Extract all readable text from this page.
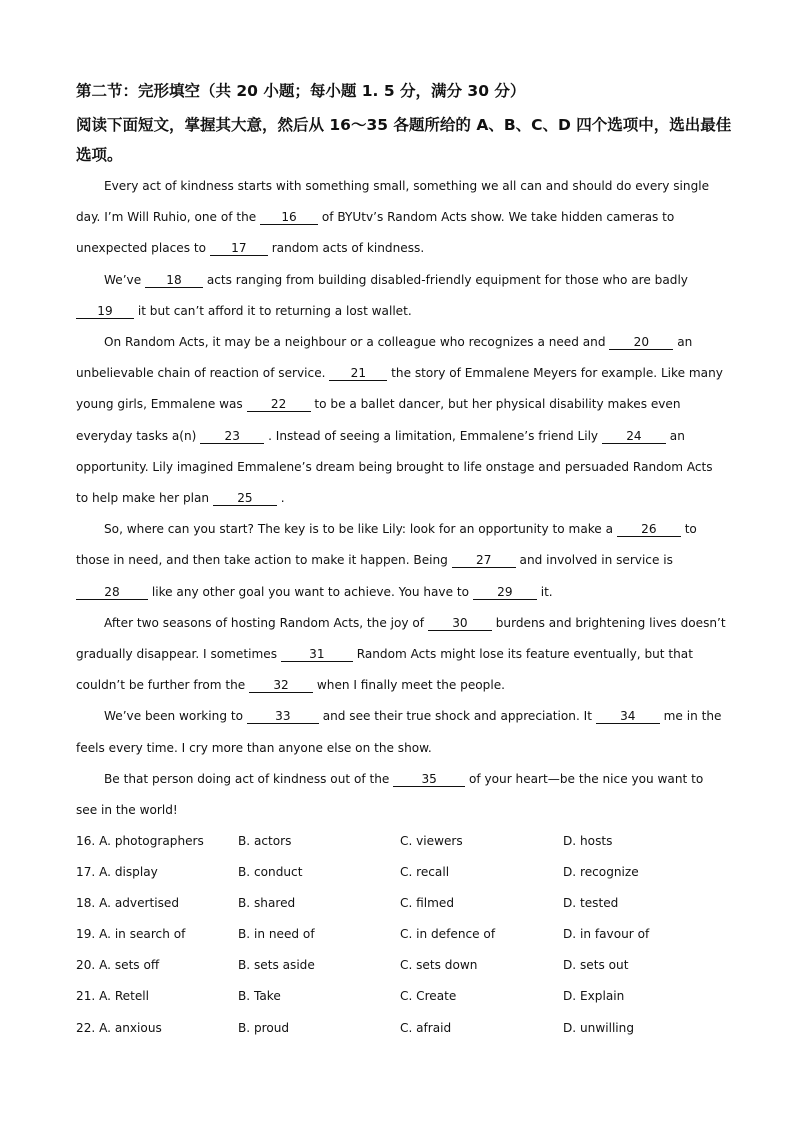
第二节：完形填空（共 20 小题；每小题 1. 5 分，满分 30 分）
阅读下面短文，掌握其大意，然后从 16～35 各题所给的 A、B、C、D 四个选项中，选出最佳选项。

Every act of kindness starts with something small, something we all can and should do every single day. I’m Will Ruhio, one of the 16 of BYUtv’s Random Acts show. We take hidden cameras to unexpected places to 17 random acts of kindness.

We’ve 18 acts ranging from building disabled-friendly equipment for those who are badly 19 it but can’t afford it to returning a lost wallet.

On Random Acts, it may be a neighbour or a colleague who recognizes a need and 20 an unbelievable chain of reaction of service. 21 the story of Emmalene Meyers for example. Like many young girls, Emmalene was 22 to be a ballet dancer, but her physical disability makes even everyday tasks a(n) 23 . Instead of seeing a limitation, Emmalene’s friend Lily 24 an opportunity. Lily imagined Emmalene’s dream being brought to life onstage and persuaded Random Acts to help make her plan 25 .

So, where can you start? The key is to be like Lily: look for an opportunity to make a 26 to those in need, and then take action to make it happen. Being 27 and involved in service is 28 like any other goal you want to achieve. You have to 29 it.

After two seasons of hosting Random Acts, the joy of 30 burdens and brightening lives doesn’t gradually disappear. I sometimes 31 Random Acts might lose its feature eventually, but that couldn’t be further from the 32 when I finally meet the people.

We’ve been working to 33 and see their true shock and appreciation. It 34 me in the feels every time. I cry more than anyone else on the show.

Be that person doing act of kindness out of the 35 of your heart—be the nice you want to see in the world!

16. A. photographers	B. actors	C. viewers	D. hosts
17. A. display	B. conduct	C. recall	D. recognize
18. A. advertised	B. shared	C. filmed	D. tested
19. A. in search of	B. in need of	C. in defence of	D. in favour of
20. A. sets off	B. sets aside	C. sets down	D. sets out
21. A. Retell	B. Take	C. Create	D. Explain
22. A. anxious	B. proud	C. afraid	D. unwilling
